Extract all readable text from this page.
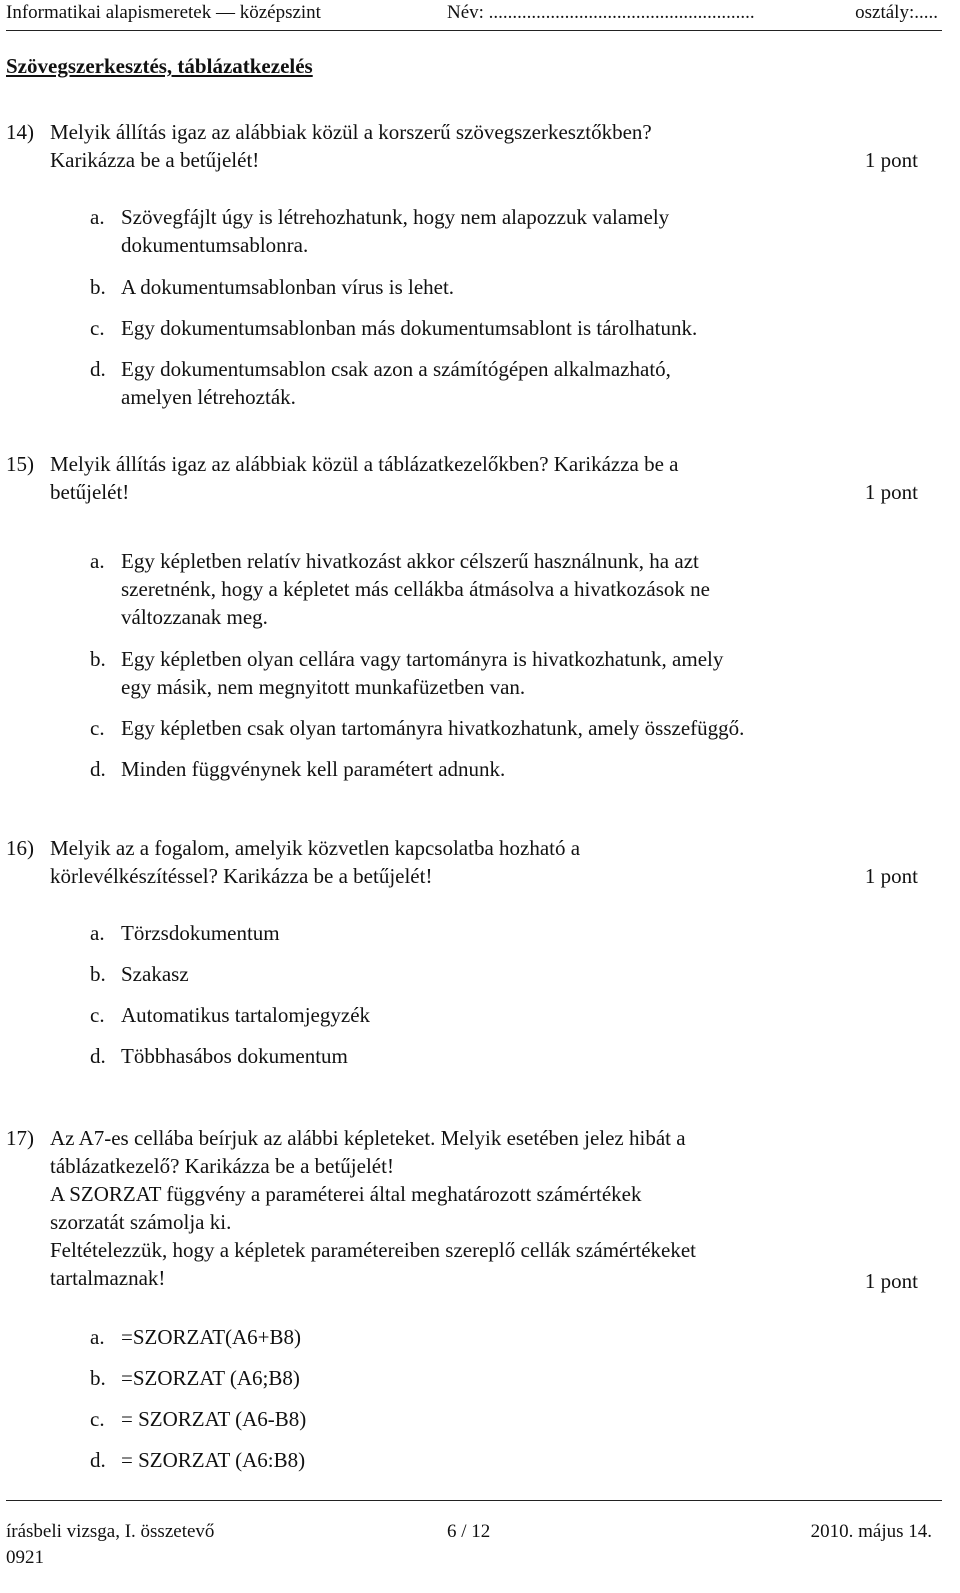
Informatikai alapismeretek — középszint	Név: ........................................................	osztály:.....
Szövegszerkesztés, táblázatkezelés
14) Melyik állítás igaz az alábbiak közül a korszerű szövegszerkesztőkben?
Karikázza be a betűjelét!	1 pont
a. Szövegfájlt úgy is létrehozhatunk, hogy nem alapozzuk valamely
dokumentumsablonra.
b. A dokumentumsablonban vírus is lehet.
c. Egy dokumentumsablonban más dokumentumsablont is tárolhatunk.
d. Egy dokumentumsablon csak azon a számítógépen alkalmazható,
amelyen létrehozták.
15) Melyik állítás igaz az alábbiak közül a táblázatkezelőkben? Karikázza be a
betűjelét!	1 pont
a. Egy képletben relatív hivatkozást akkor célszerű használnunk, ha azt
szeretnénk, hogy a képletet más cellákba átmásolva a hivatkozások ne
változzanak meg.
b. Egy képletben olyan cellára vagy tartományra is hivatkozhatunk, amely
egy másik, nem megnyitott munkafüzetben van.
c. Egy képletben csak olyan tartományra hivatkozhatunk, amely összefüggő.
d. Minden függvénynek kell paramétert adnunk.
16) Melyik az a fogalom, amelyik közvetlen kapcsolatba hozható a
körlevélkészítéssel? Karikázza be a betűjelét!	1 pont
a. Törzsdokumentum
b. Szakasz
c. Automatikus tartalomjegyzék
d. Többhasábos dokumentum
17) Az A7-es cellába beírjuk az alábbi képleteket. Melyik esetében jelez hibát a
táblázatkezelő? Karikázza be a betűjelét!
A SZORZAT függvény a paraméterei által meghatározott számértékek
szorzatát számolja ki.
Feltételezzük, hogy a képletek paramétereiben szereplő cellák számértékeket
tartalmaznak!	1 pont
a. =SZORZAT(A6+B8)
b. =SZORZAT (A6;B8)
c. = SZORZAT (A6-B8)
d. = SZORZAT (A6:B8)
írásbeli vizsga, I. összetevő
0921
6 / 12	2010. május 14.
